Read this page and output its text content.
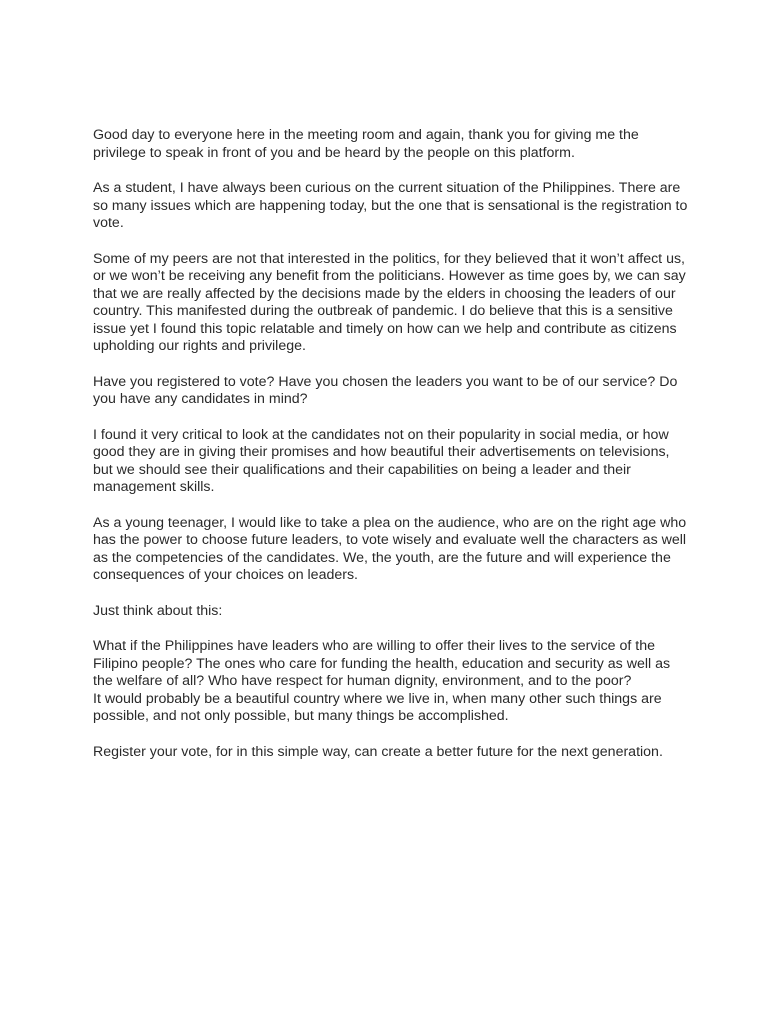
Good day to everyone here in the meeting room and again, thank you for giving me the privilege to speak in front of you and be heard by the people on this platform.

As a student, I have always been curious on the current situation of the Philippines. There are so many issues which are happening today, but the one that is sensational is the registration to vote.

Some of my peers are not that interested in the politics, for they believed that it won’t affect us, or we won’t be receiving any benefit from the politicians. However as time goes by, we can say that we are really affected by the decisions made by the elders in choosing the leaders of our country. This manifested during the outbreak of pandemic. I do believe that this is a sensitive issue yet I found this topic relatable and timely on how can we help and contribute as citizens upholding our rights and privilege.

Have you registered to vote? Have you chosen the leaders you want to be of our service? Do you have any candidates in mind?

I found it very critical to look at the candidates not on their popularity in social media, or how good they are in giving their promises and how beautiful their advertisements on televisions, but we should see their qualifications and their capabilities on being a leader and their management skills.

As a young teenager, I would like to take a plea on the audience, who are on the right age who has the power to choose future leaders, to vote wisely and evaluate well the characters as well as the competencies of the candidates. We, the youth, are the future and will experience the consequences of your choices on leaders.

Just think about this:

What if the Philippines have leaders who are willing to offer their lives to the service of the Filipino people? The ones who care for funding the health, education and security as well as the welfare of all? Who have respect for human dignity, environment, and to the poor?

It would probably be a beautiful country where we live in, when many other such things are possible, and not only possible, but many things be accomplished.

Register your vote, for in this simple way, can create a better future for the next generation.
